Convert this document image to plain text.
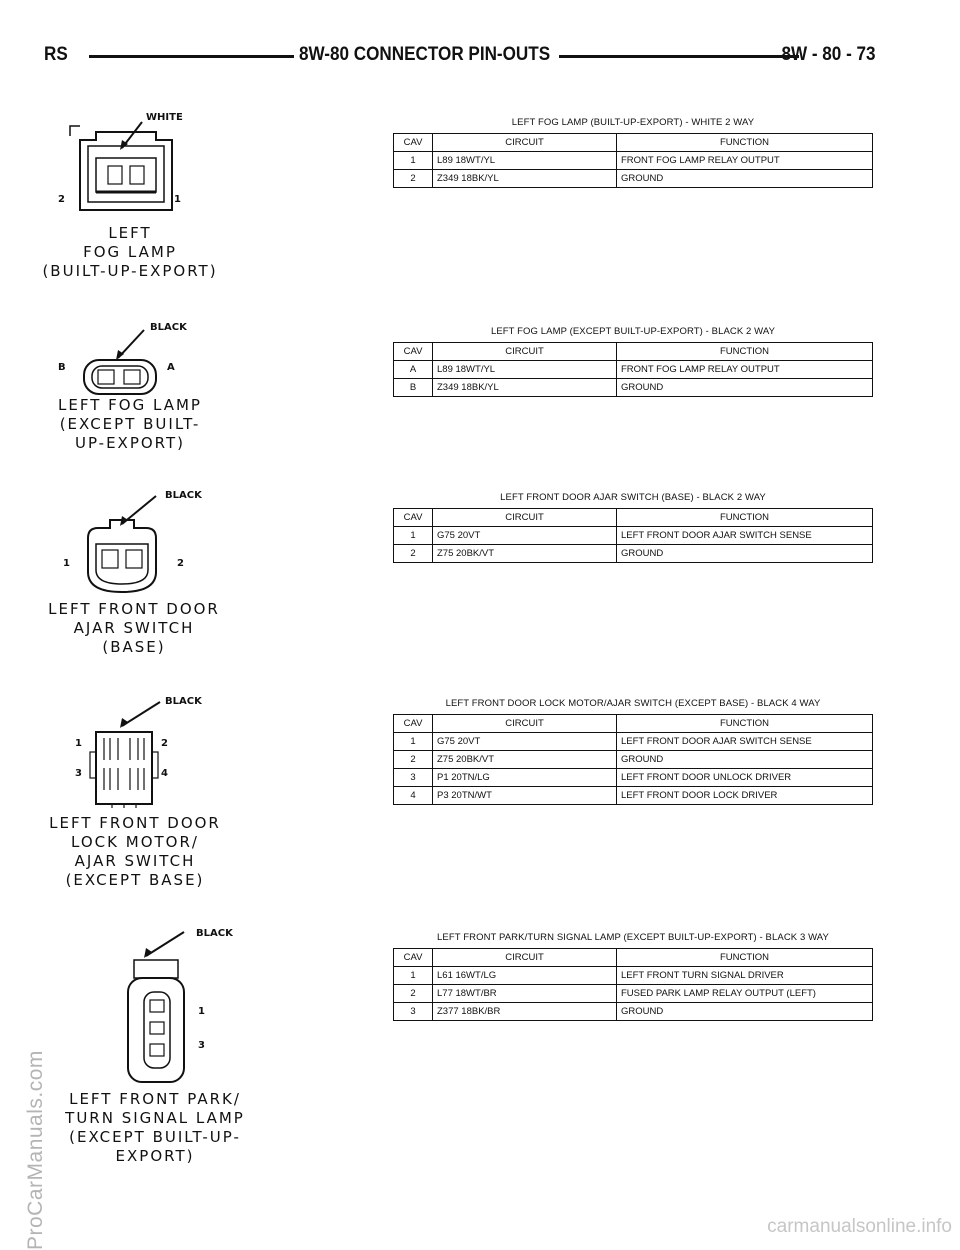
RS	8W-80 CONNECTOR PIN-OUTS	8W - 80 - 73
ProCarManuals.com	carmanualsonline.info
WHITE
2	1
LEFT
FOG LAMP
(BUILT-UP-EXPORT)
LEFT FOG LAMP (BUILT-UP-EXPORT) - WHITE 2 WAY
CAV	CIRCUIT	FUNCTION
1	L89 18WT/YL	FRONT FOG LAMP RELAY OUTPUT
2	Z349 18BK/YL	GROUND
BLACK
B	A
LEFT FOG LAMP
(EXCEPT BUILT-
UP-EXPORT)
LEFT FOG LAMP (EXCEPT BUILT-UP-EXPORT) - BLACK 2 WAY
CAV	CIRCUIT	FUNCTION
A	L89 18WT/YL	FRONT FOG LAMP RELAY OUTPUT
B	Z349 18BK/YL	GROUND
BLACK
1	2
LEFT FRONT DOOR
AJAR SWITCH
(BASE)
LEFT FRONT DOOR AJAR SWITCH (BASE) - BLACK 2 WAY
CAV	CIRCUIT	FUNCTION
1	G75 20VT	LEFT FRONT DOOR AJAR SWITCH SENSE
2	Z75 20BK/VT	GROUND
BLACK
1	2
3	4
LEFT FRONT DOOR
LOCK MOTOR/
AJAR SWITCH
(EXCEPT BASE)
LEFT FRONT DOOR LOCK MOTOR/AJAR SWITCH (EXCEPT BASE) - BLACK 4 WAY
CAV	CIRCUIT	FUNCTION
1	G75 20VT	LEFT FRONT DOOR AJAR SWITCH SENSE
2	Z75 20BK/VT	GROUND
3	P1 20TN/LG	LEFT FRONT DOOR UNLOCK DRIVER
4	P3 20TN/WT	LEFT FRONT DOOR LOCK DRIVER
BLACK
1
3
LEFT FRONT PARK/
TURN SIGNAL LAMP
(EXCEPT BUILT-UP-EXPORT)
LEFT FRONT PARK/TURN SIGNAL LAMP (EXCEPT BUILT-UP-EXPORT) - BLACK 3 WAY
CAV	CIRCUIT	FUNCTION
1	L61 16WT/LG	LEFT FRONT TURN SIGNAL DRIVER
2	L77 18WT/BR	FUSED PARK LAMP RELAY OUTPUT (LEFT)
3	Z377 18BK/BR	GROUND
